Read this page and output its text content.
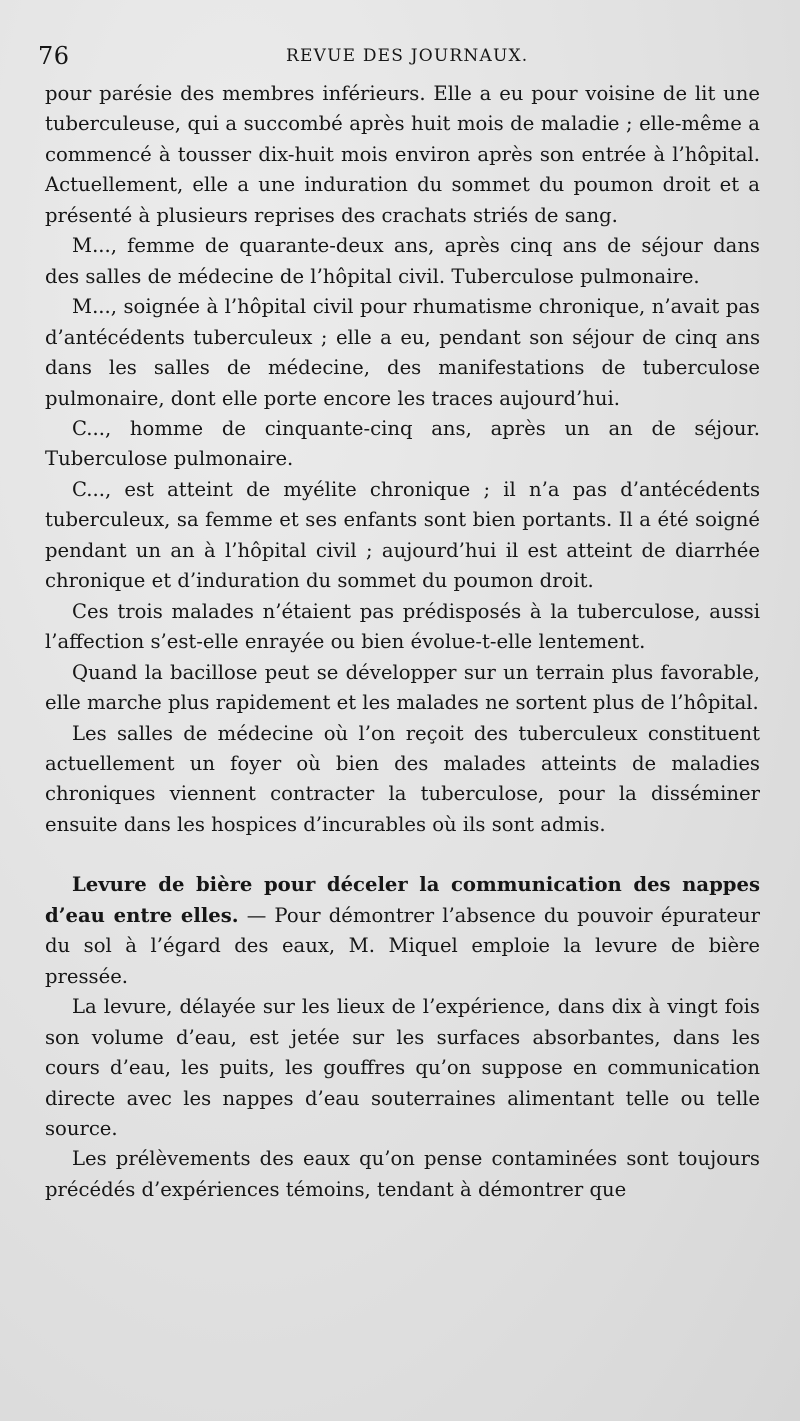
76	REVUE DES JOURNAUX.

pour parésie des membres inférieurs. Elle a eu pour voisine de lit une tuberculeuse, qui a succombé après huit mois de maladie ; elle-même a commencé à tousser dix-huit mois environ après son entrée à l’hôpital. Actuellement, elle a une induration du sommet du poumon droit et a présenté à plusieurs reprises des crachats striés de sang.

M..., femme de quarante-deux ans, après cinq ans de séjour dans des salles de médecine de l’hôpital civil. Tuberculose pulmonaire.

M..., soignée à l’hôpital civil pour rhumatisme chronique, n’avait pas d’antécédents tuberculeux ; elle a eu, pendant son séjour de cinq ans dans les salles de médecine, des manifestations de tuberculose pulmonaire, dont elle porte encore les traces aujourd’hui.

C..., homme de cinquante-cinq ans, après un an de séjour. Tuberculose pulmonaire.

C..., est atteint de myélite chronique ; il n’a pas d’antécédents tuberculeux, sa femme et ses enfants sont bien portants. Il a été soigné pendant un an à l’hôpital civil ; aujourd’hui il est atteint de diarrhée chronique et d’induration du sommet du poumon droit.

Ces trois malades n’étaient pas prédisposés à la tuberculose, aussi l’affection s’est-elle enrayée ou bien évolue-t-elle lentement.

Quand la bacillose peut se développer sur un terrain plus favorable, elle marche plus rapidement et les malades ne sortent plus de l’hôpital.

Les salles de médecine où l’on reçoit des tuberculeux constituent actuellement un foyer où bien des malades atteints de maladies chroniques viennent contracter la tuberculose, pour la disséminer ensuite dans les hospices d’incurables où ils sont admis.

Levure de bière pour déceler la communication des nappes d’eau entre elles. — Pour démontrer l’absence du pouvoir épurateur du sol à l’égard des eaux, M. Miquel emploie la levure de bière pressée.

La levure, délayée sur les lieux de l’expérience, dans dix à vingt fois son volume d’eau, est jetée sur les surfaces absorbantes, dans les cours d’eau, les puits, les gouffres qu’on suppose en communication directe avec les nappes d’eau souterraines alimentant telle ou telle source.

Les prélèvements des eaux qu’on pense contaminées sont toujours précédés d’expériences témoins, tendant à démontrer que
